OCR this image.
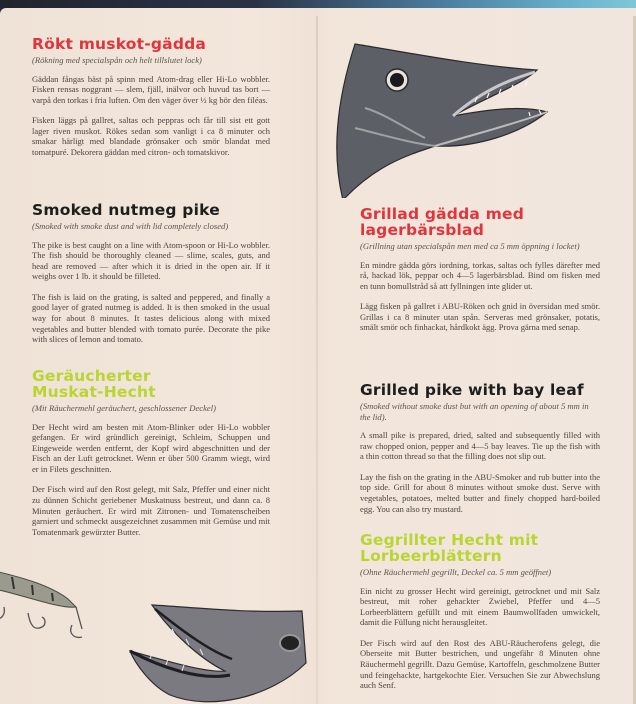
Rökt muskot-gädda
(Rökning med specialspån och helt tillslutet lock)

Gäddan fångas bäst på spinn med Atom-drag eller Hi-Lo wobbler. Fisken rensas noggrant — slem, fjäll, inälvor och huvud tas bort — varpå den torkas i fria luften. Om den väger över ½ kg bör den filéas.

Fisken läggs på gallret, saltas och peppras och får till sist ett gott lager riven muskot. Rökes sedan som vanligt i ca 8 minuter och smakar härligt med blandade grönsaker och smör blandat med tomatpuré. Dekorera gäddan med citron- och tomatskivor.

Smoked nutmeg pike
(Smoked with smoke dust and with lid completely closed)

The pike is best caught on a line with Atom-spoon or Hi-Lo wobbler. The fish should be thoroughly cleaned — slime, scales, guts, and head are removed — after which it is dried in the open air. If it weighs over 1 lb. it should be filleted.

The fish is laid on the grating, is salted and peppered, and finally a good layer of grated nutmeg is added. It is then smoked in the usual way for about 8 minutes. It tastes delicious along with mixed vegetables and butter blended with tomato purée. Decorate the pike with slices of lemon and tomato.

Geräucherter
Muskat-Hecht
(Mit Räuchermehl geräuchert, geschlossener Deckel)

Der Hecht wird am besten mit Atom-Blinker oder Hi-Lo wobbler gefangen. Er wird gründlich gereinigt, Schleim, Schuppen und Eingeweide werden entfernt, der Kopf wird abgeschnitten und der Fisch an der Luft getrocknet. Wenn er über 500 Gramm wiegt, wird er in Filets geschnitten.

Der Fisch wird auf den Rost gelegt, mit Salz, Pfeffer und einer nicht zu dünnen Schicht geriebener Muskatnuss bestreut, und dann ca. 8 Minuten geräuchert. Er wird mit Zitronen- und Tomatenscheiben garniert und schmeckt ausgezeichnet zusammen mit Gemüse und mit Tomatenmark gewürzter Butter.

Grillad gädda med
lagerbärsblad
(Grillning utan specialspån men med ca 5 mm öppning i locket)

En mindre gädda görs iordning, torkas, saltas och fylles därefter med rå, hackad lök, peppar och 4—5 lagerbärsblad. Bind om fisken med en tunn bomullstråd så att fyllningen inte glider ut.

Lägg fisken på gallret i ABU-Röken och gnid in översidan med smör. Grillas i ca 8 minuter utan spån. Serveras med grönsaker, potatis, smält smör och finhackat, hårdkokt ägg. Prova gärna med senap.

Grilled pike with bay leaf
(Smoked without smoke dust but with an opening of about 5 mm in the lid).

A small pike is prepared, dried, salted and subsequently filled with raw chopped onion, pepper and 4—5 bay leaves. Tie up the fish with a thin cotton thread so that the filling does not slip out.

Lay the fish on the grating in the ABU-Smoker and rub butter into the top side. Grill for about 8 minutes without smoke dust. Serve with vegetables, potatoes, melted butter and finely chopped hard-boiled egg. You can also try mustard.

Gegrillter Hecht mit
Lorbeerblättern
(Ohne Räuchermehl gegrillt, Deckel ca. 5 mm geöffnet)

Ein nicht zu grosser Hecht wird gereinigt, getrocknet und mit Salz bestreut, mit roher gehackter Zwiebel, Pfeffer und 4—5 Lorbeerblättern gefüllt und mit einem Baumwollfaden umwickelt, damit die Füllung nicht herausgleitet.

Der Fisch wird auf den Rost des ABU-Räucherofens gelegt, die Oberseite mit Butter bestrichen, und ungefähr 8 Minuten ohne Räuchermehl gegrillt. Dazu Gemüse, Kartoffeln, geschmolzene Butter und feingehackte, hartgekochte Eier. Versuchen Sie zur Abwechslung auch Senf.
